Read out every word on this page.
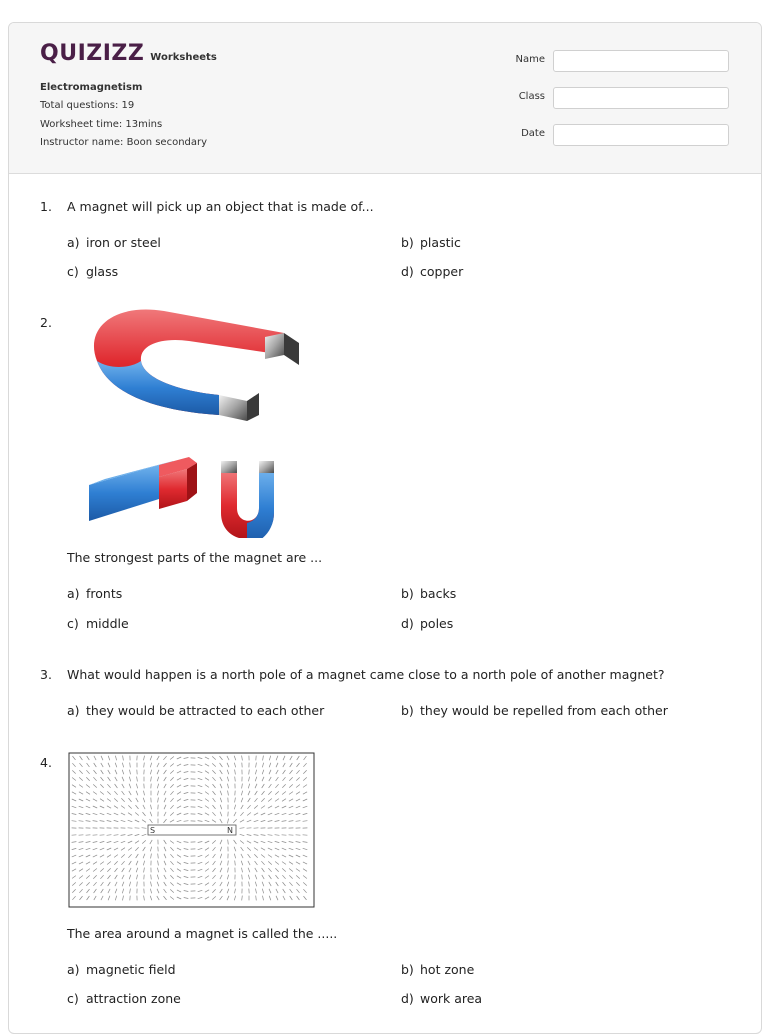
QUIZIZZ Worksheets
Electromagnetism
Total questions: 19
Worksheet time: 13mins
Instructor name: Boon secondary
Name
Class
Date
1. A magnet will pick up an object that is made of...
a) iron or steel	b) plastic
c) glass	d) copper
2.
The strongest parts of the magnet are ...
a) fronts	b) backs
c) middle	d) poles
3. What would happen is a north pole of a magnet came close to a north pole of another magnet?
a) they would be attracted to each other	b) they would be repelled from each other
4.
S	N
The area around a magnet is called the .....
a) magnetic field	b) hot zone
c) attraction zone	d) work area
